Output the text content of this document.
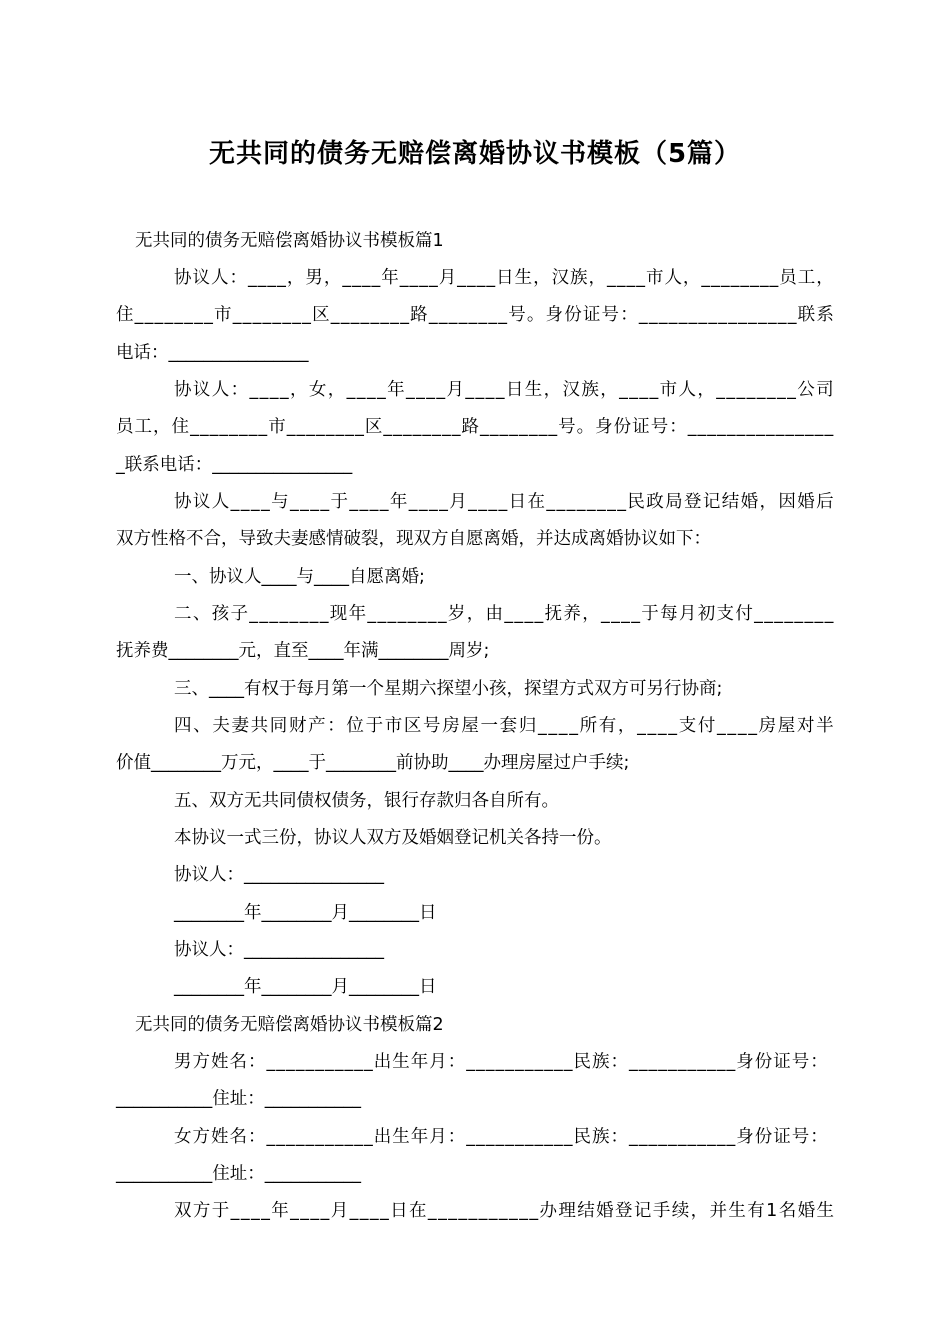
无共同的债务无赔偿离婚协议书模板（5篇）
无共同的债务无赔偿离婚协议书模板篇1
协 议 人 ： _ _ _ _ ， 男 ， _ _ _ _ 年 _ _ _ _ 月 _ _ _ _ 日 生 ， 汉 族 ， _ _ _ _ 市 人 ， _ _ _ _ _ _ _ _ 员 工 ，
住 _ _ _ _ _ _ _ _ 市 _ _ _ _ _ _ _ _ 区 _ _ _ _ _ _ _ _ 路 _ _ _ _ _ _ _ _ 号 。 身 份 证 号 ： _ _ _ _ _ _ _ _ _ _ _ _ _ _ _ _ 联 系
电话：________________
协 议 人 ： _ _ _ _ ， 女 ， _ _ _ _ 年 _ _ _ _ 月 _ _ _ _ 日 生 ， 汉 族 ， _ _ _ _ 市 人 ， _ _ _ _ _ _ _ _ 公 司
员 工 ， 住 _ _ _ _ _ _ _ _ 市 _ _ _ _ _ _ _ _ 区 _ _ _ _ _ _ _ _ 路 _ _ _ _ _ _ _ _ 号 。 身 份 证 号 ： _ _ _ _ _ _ _ _ _ _ _ _ _ _ _
_联系电话：________________
协 议 人 _ _ _ _ 与 _ _ _ _ 于 _ _ _ _ 年 _ _ _ _ 月 _ _ _ _ 日 在 _ _ _ _ _ _ _ _ 民 政 局 登 记 结 婚 ， 因 婚 后
双方性格不合，导致夫妻感情破裂，现双方自愿离婚，并达成离婚协议如下：
一、协议人____与____自愿离婚;
二 、 孩 子 _ _ _ _ _ _ _ _ 现 年 _ _ _ _ _ _ _ _ 岁 ， 由 _ _ _ _ 抚 养 ， _ _ _ _ 于 每 月 初 支 付 _ _ _ _ _ _ _ _
抚养费________元，直至____年满________周岁;
三、____有权于每月第一个星期六探望小孩，探望方式双方可另行协商;
四 、 夫 妻 共 同 财 产 ： 位 于 市 区 号 房 屋 一 套 归 _ _ _ _ 所 有 ， _ _ _ _ 支 付 _ _ _ _ 房 屋 对 半
价值________万元，____于________前协助____办理房屋过户手续;
五、双方无共同债权债务，银行存款归各自所有。
本协议一式三份，协议人双方及婚姻登记机关各持一份。
协议人：________________
________年________月________日
协议人：________________
________年________月________日
无共同的债务无赔偿离婚协议书模板篇2
男 方 姓 名 ： _ _ _ _ _ _ _ _ _ _ _ 出 生 年 月 ： _ _ _ _ _ _ _ _ _ _ _ 民 族 ： _ _ _ _ _ _ _ _ _ _ _ 身 份 证 号 ：
___________住址：___________
女 方 姓 名 ： _ _ _ _ _ _ _ _ _ _ _ 出 生 年 月 ： _ _ _ _ _ _ _ _ _ _ _ 民 族 ： _ _ _ _ _ _ _ _ _ _ _ 身 份 证 号 ：
___________住址：___________
双 方 于 _ _ _ _ 年 _ _ _ _ 月 _ _ _ _ 日 在 _ _ _ _ _ _ _ _ _ _ _ 办 理 结 婚 登 记 手 续 ， 并 生 有 1 名 婚 生
